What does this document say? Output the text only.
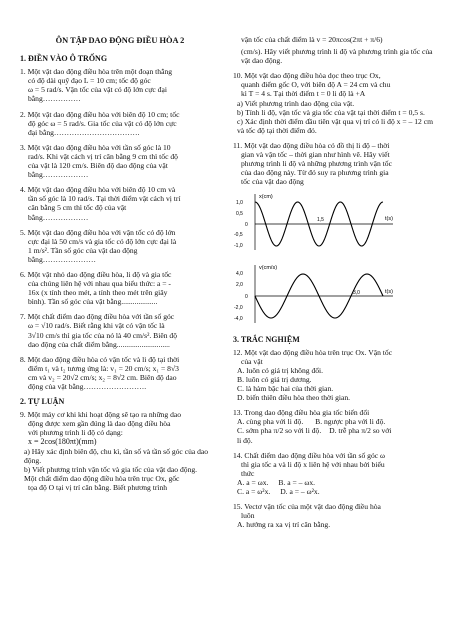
ÔN TẬP DAO ĐỘNG ĐIỀU HÒA 2
1. ĐIỀN VÀO Ô TRỐNG
1. Một vật dao động điều hòa trên một đoạn thẳng
có độ dài quỹ đạo L = 10 cm; tốc độ góc
ω = 5 rad/s. Vận tốc của vật có độ lớn cực đại
bằng……………
2. Một vật dao động điều hòa với biên độ 10 cm; tốc
độ góc ω = 5 rad/s. Gia tốc của vật có độ lớn cực
đại bằng…………………………….
3. Một vật dao động điều hòa với tần số góc là 10
rad/s. Khi vật cách vị trí cân bằng 9 cm thì tốc độ
của vật là 120 cm/s. Biên độ dao động của vật
bằng………………
4. Một vật dao động điều hòa với biên độ 10 cm và
tần số góc là 10 rad/s. Tại thời điểm vật cách vị trí
cân bằng 5 cm thì tốc độ của vật
bằng………………
5. Một vật dao động điều hòa với vận tốc có độ lớn
cực đại là 50 cm/s và gia tốc có độ lớn cực đại là
1 m/s². Tần số góc của vật dao động
bằng…………………
6. Một vật nhỏ dao động điều hòa, li độ và gia tốc
của chúng liên hệ với nhau qua biểu thức: a = -
16x (x tính theo mét, a tính theo mét trên giây
bình). Tần số góc của vật bằng...................
7. Một chất điểm dao động điều hòa với tần số góc
ω = √10 rad/s. Biết rằng khi vật có vận tốc là
3√10 cm/s thì gia tốc của nó là 40 cm/s². Biên độ
dao động của chất điểm bằng............................
8. Một dao động điều hòa có vận tốc và li độ tại thời
điểm t₁ và t₂ tương ứng là: v₁ = 20 cm/s; x₁ = 8√3
cm và v₂ = 20√2 cm/s; x₂ = 8√2 cm. Biên độ dao
động của vật bằng…………………….
2. TỰ LUẬN
9. Một máy cơ khi khi hoạt động sẽ tạo ra những dao
động được xem gần đúng là dao động điều hòa
với phương trình li độ có dạng:
x = 2cos(180πt)(mm)
a) Hãy xác định biên độ, chu kì, tần số và tần số góc của dao động.
b) Viết phương trình vận tốc và gia tốc của vật dao động.
Một chất điểm dao động điều hòa trên trục Ox, gốc
tọa độ O tại vị trí cân bằng. Biết phương trình
vận tốc của chất điểm là v = 20πcos(2πt + π/6)
(cm/s). Hãy viết phương trình li độ và phương trình gia tốc của vật dao động.
10. Một vật dao động điều hòa dọc theo trục Ox,
quanh điểm gốc O, với biên độ A = 24 cm và chu
kì T = 4 s. Tại thời điểm t = 0 li độ là +A
a) Viết phương trình dao động của vật.
b) Tính li độ, vận tốc và gia tốc của vật tại thời điểm t = 0,5 s.
c) Xác định thời điểm đầu tiên vật qua vị trí có li độ x = – 12 cm và tốc độ tại thời điểm đó.
11. Một vật dao động điều hòa có đồ thị li độ – thời
gian và vận tốc – thời gian như hình vẽ. Hãy viết
phương trình li độ và những phương trình vận tốc
của dao động này. Từ đó suy ra phương trình gia
tốc của vật dao động
x(cm)
t(s)
1,0
0,5
0
-0,5
-1,0
1,5

v(cm/s)
t(s)
4,0
2,0
0
-2,0
-4,0
3,0
3. TRẮC NGHIỆM
12. Một vật dao động điều hòa trên trục Ox. Vận tốc
của vật
A. luôn có giá trị không đổi.
B. luôn có giá trị dương.
C. là hàm bậc hai của thời gian.
D. biến thiên điều hòa theo thời gian.
13. Trong dao động điều hòa gia tốc biến đổi
A. cùng pha với li độ. B. ngược pha với li độ.
C. sớm pha π/2 so với li độ. D. trễ pha π/2 so với
li độ.
14. Chất điểm dao động điều hòa với tần số góc ω
thì gia tốc a và li độ x liên hệ với nhau bởi biểu
thức
A. a = ωx. B. a = – ωx.
C. a = ω²x. D. a = – ω²x.
15. Vectơ vận tốc của một vật dao động điều hòa
luôn
A. hướng ra xa vị trí cân bằng.
